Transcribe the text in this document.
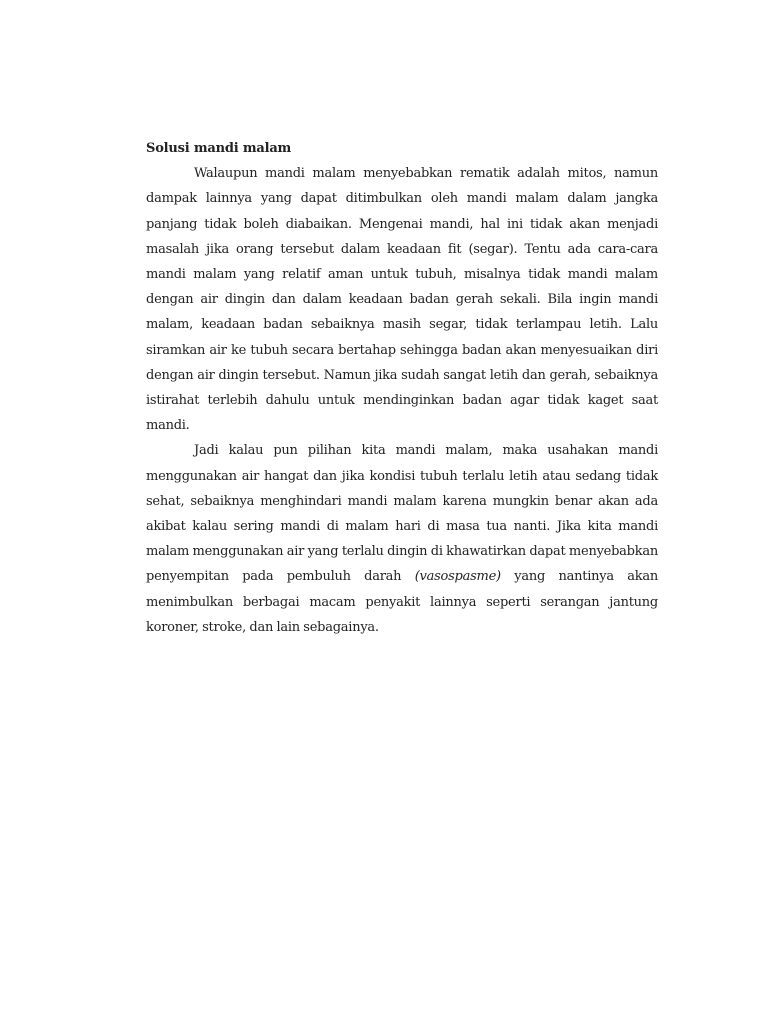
Solusi mandi malam

Walaupun mandi malam menyebabkan rematik adalah mitos, namun dampak lainnya yang dapat ditimbulkan oleh mandi malam dalam jangka panjang tidak boleh diabaikan. Mengenai mandi, hal ini tidak akan menjadi masalah jika orang tersebut dalam keadaan fit (segar). Tentu ada cara-cara mandi malam yang relatif aman untuk tubuh, misalnya tidak mandi malam dengan air dingin dan dalam keadaan badan gerah sekali. Bila ingin mandi malam, keadaan badan sebaiknya masih segar, tidak terlampau letih. Lalu siramkan air ke tubuh secara bertahap sehingga badan akan menyesuaikan diri dengan air dingin tersebut. Namun jika sudah sangat letih dan gerah, sebaiknya istirahat terlebih dahulu untuk mendinginkan badan agar tidak kaget saat mandi.

Jadi kalau pun pilihan kita mandi malam, maka usahakan mandi menggunakan air hangat dan jika kondisi tubuh terlalu letih atau sedang tidak sehat, sebaiknya menghindari mandi malam karena mungkin benar akan ada akibat kalau sering mandi di malam hari di masa tua nanti. Jika kita mandi malam menggunakan air yang terlalu dingin di khawatirkan dapat menyebabkan penyempitan pada pembuluh darah (vasospasme) yang nantinya akan menimbulkan berbagai macam penyakit lainnya seperti serangan jantung koroner, stroke, dan lain sebagainya.
